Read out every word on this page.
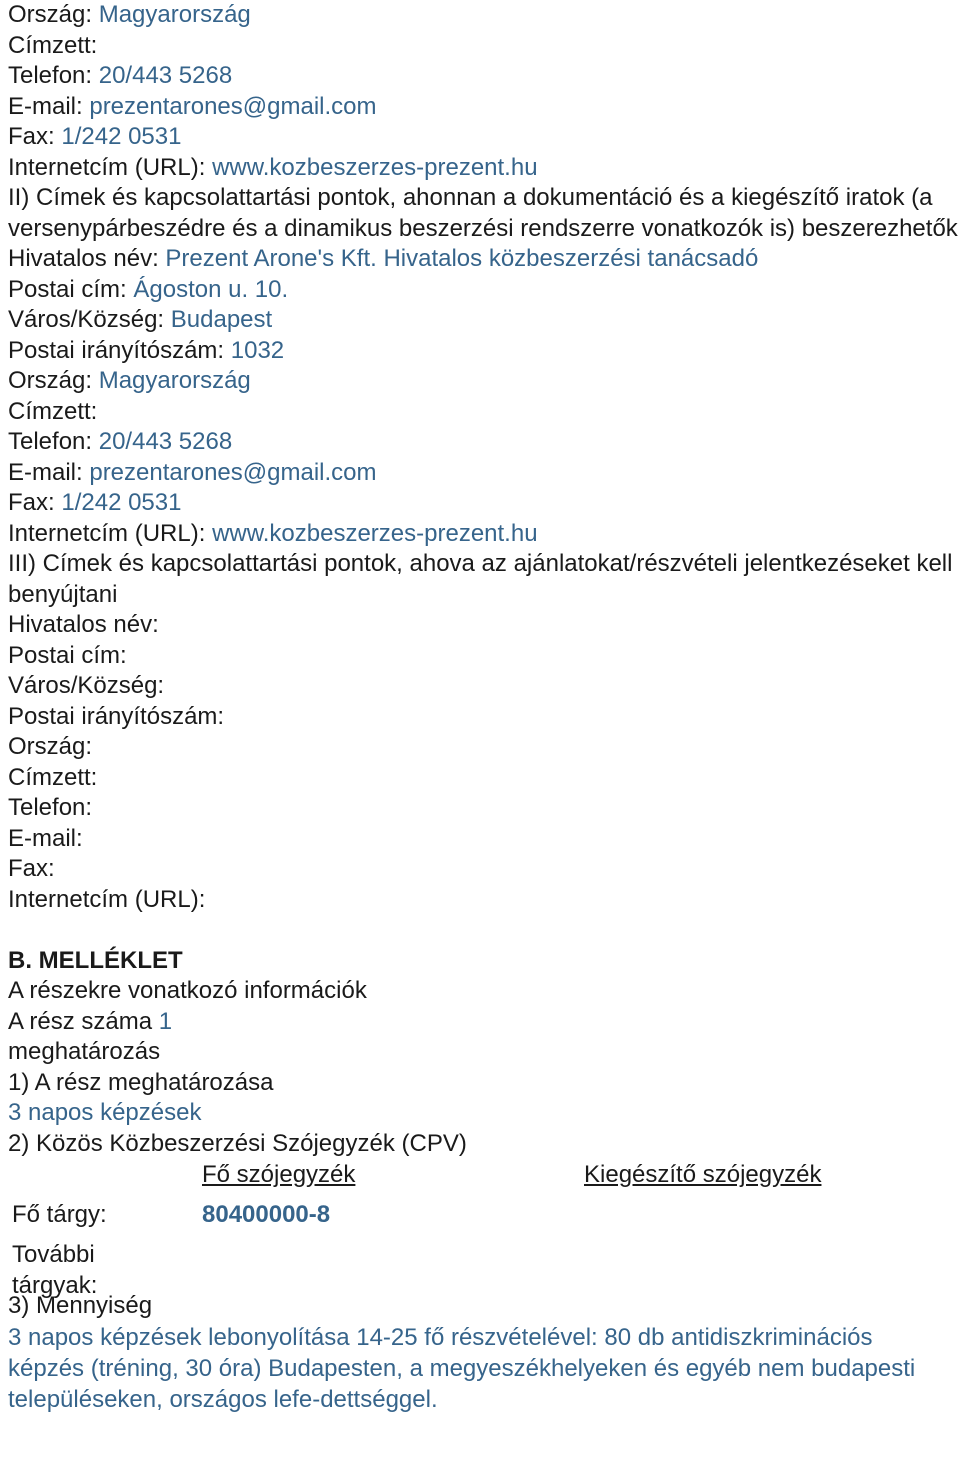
Ország: Magyarország
Címzett:
Telefon: 20/443 5268
E-mail: prezentarones@gmail.com
Fax: 1/242 0531
Internetcím (URL): www.kozbeszerzes-prezent.hu
II) Címek és kapcsolattartási pontok, ahonnan a dokumentáció és a kiegészítő iratok (a versenypárbeszédre és a dinamikus beszerzési rendszerre vonatkozók is) beszerezhetők
Hivatalos név: Prezent Arone's Kft. Hivatalos közbeszerzési tanácsadó
Postai cím: Ágoston u. 10.
Város/Község: Budapest
Postai irányítószám: 1032
Ország: Magyarország
Címzett:
Telefon: 20/443 5268
E-mail: prezentarones@gmail.com
Fax: 1/242 0531
Internetcím (URL): www.kozbeszerzes-prezent.hu
III) Címek és kapcsolattartási pontok, ahova az ajánlatokat/részvételi jelentkezéseket kell benyújtani
Hivatalos név:
Postai cím:
Város/Község:
Postai irányítószám:
Ország:
Címzett:
Telefon:
E-mail:
Fax:
Internetcím (URL):
B. MELLÉKLET
A részekre vonatkozó információk
A rész száma 1
meghatározás
1) A rész meghatározása
3 napos képzések
2) Közös Közbeszerzési Szójegyzék (CPV)
Fő szójegyzék	Kiegészítő szójegyzék
Fő tárgy:	80400000-8
További tárgyak:
3) Mennyiség
3 napos képzések lebonyolítása 14-25 fő részvételével: 80 db antidiszkriminációs képzés (tréning, 30 óra) Budapesten, a megyeszékhelyeken és egyéb nem budapesti településeken, országos lefe-dettséggel.
